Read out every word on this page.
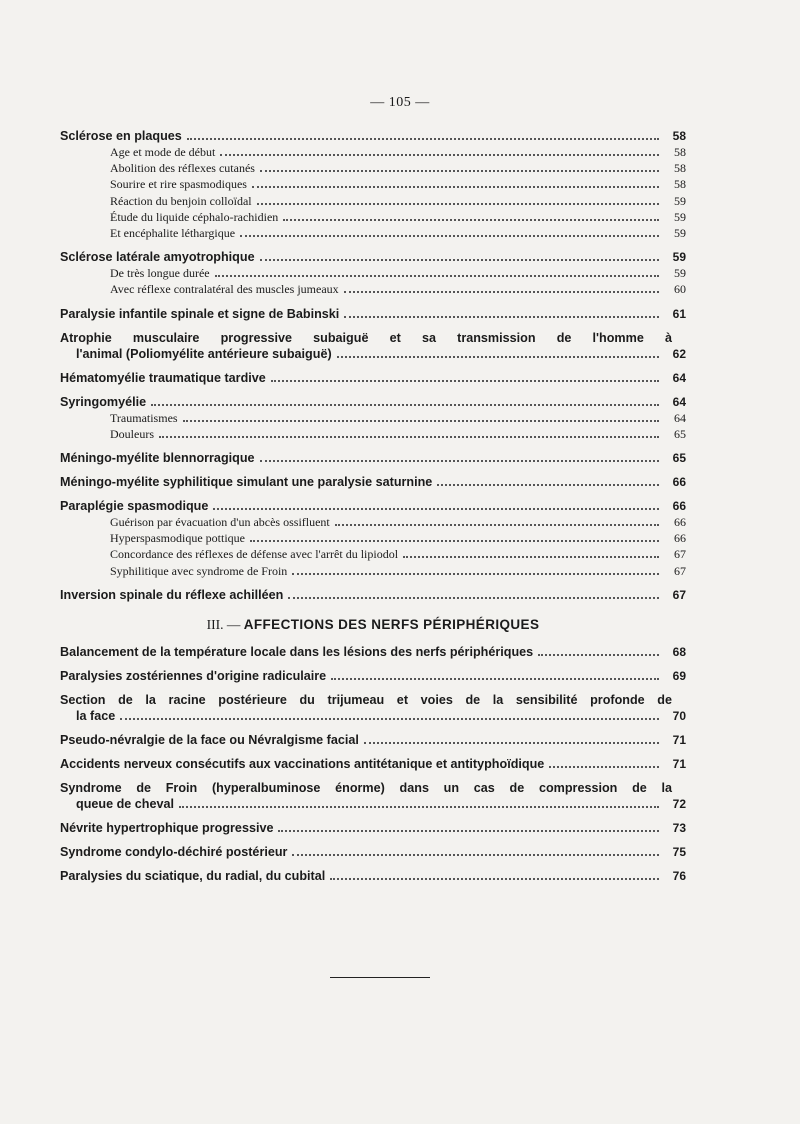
— 105 —
Sclérose en plaques	58
Age et mode de début	58
Abolition des réflexes cutanés	58
Sourire et rire spasmodiques	58
Réaction du benjoin colloïdal	59
Étude du liquide céphalo-rachidien	59
Et encéphalite léthargique	59
Sclérose latérale amyotrophique	59
De très longue durée	59
Avec réflexe contralatéral des muscles jumeaux	60
Paralysie infantile spinale et signe de Babinski	61
Atrophie musculaire progressive subaiguë et sa transmission de l'homme à
l'animal (Poliomyélite antérieure subaiguë)	62
Hématomyélie traumatique tardive	64
Syringomyélie	64
Traumatismes	64
Douleurs	65
Méningo-myélite blennorragique	65
Méningo-myélite syphilitique simulant une paralysie saturnine	66
Paraplégie spasmodique	66
Guérison par évacuation d'un abcès ossifluent	66
Hyperspasmodique pottique	66
Concordance des réflexes de défense avec l'arrêt du lipiodol	67
Syphilitique avec syndrome de Froin	67
Inversion spinale du réflexe achilléen	67
III. — AFFECTIONS DES NERFS PÉRIPHÉRIQUES
Balancement de la température locale dans les lésions des nerfs périphériques	68
Paralysies zostériennes d'origine radiculaire	69
Section de la racine postérieure du trijumeau et voies de la sensibilité profonde de
la face	70
Pseudo-névralgie de la face ou Névralgisme facial	71
Accidents nerveux consécutifs aux vaccinations antitétanique et antityphoïdique	71
Syndrome de Froin (hyperalbuminose énorme) dans un cas de compression de la
queue de cheval	72
Névrite hypertrophique progressive	73
Syndrome condylo-déchiré postérieur	75
Paralysies du sciatique, du radial, du cubital	76
